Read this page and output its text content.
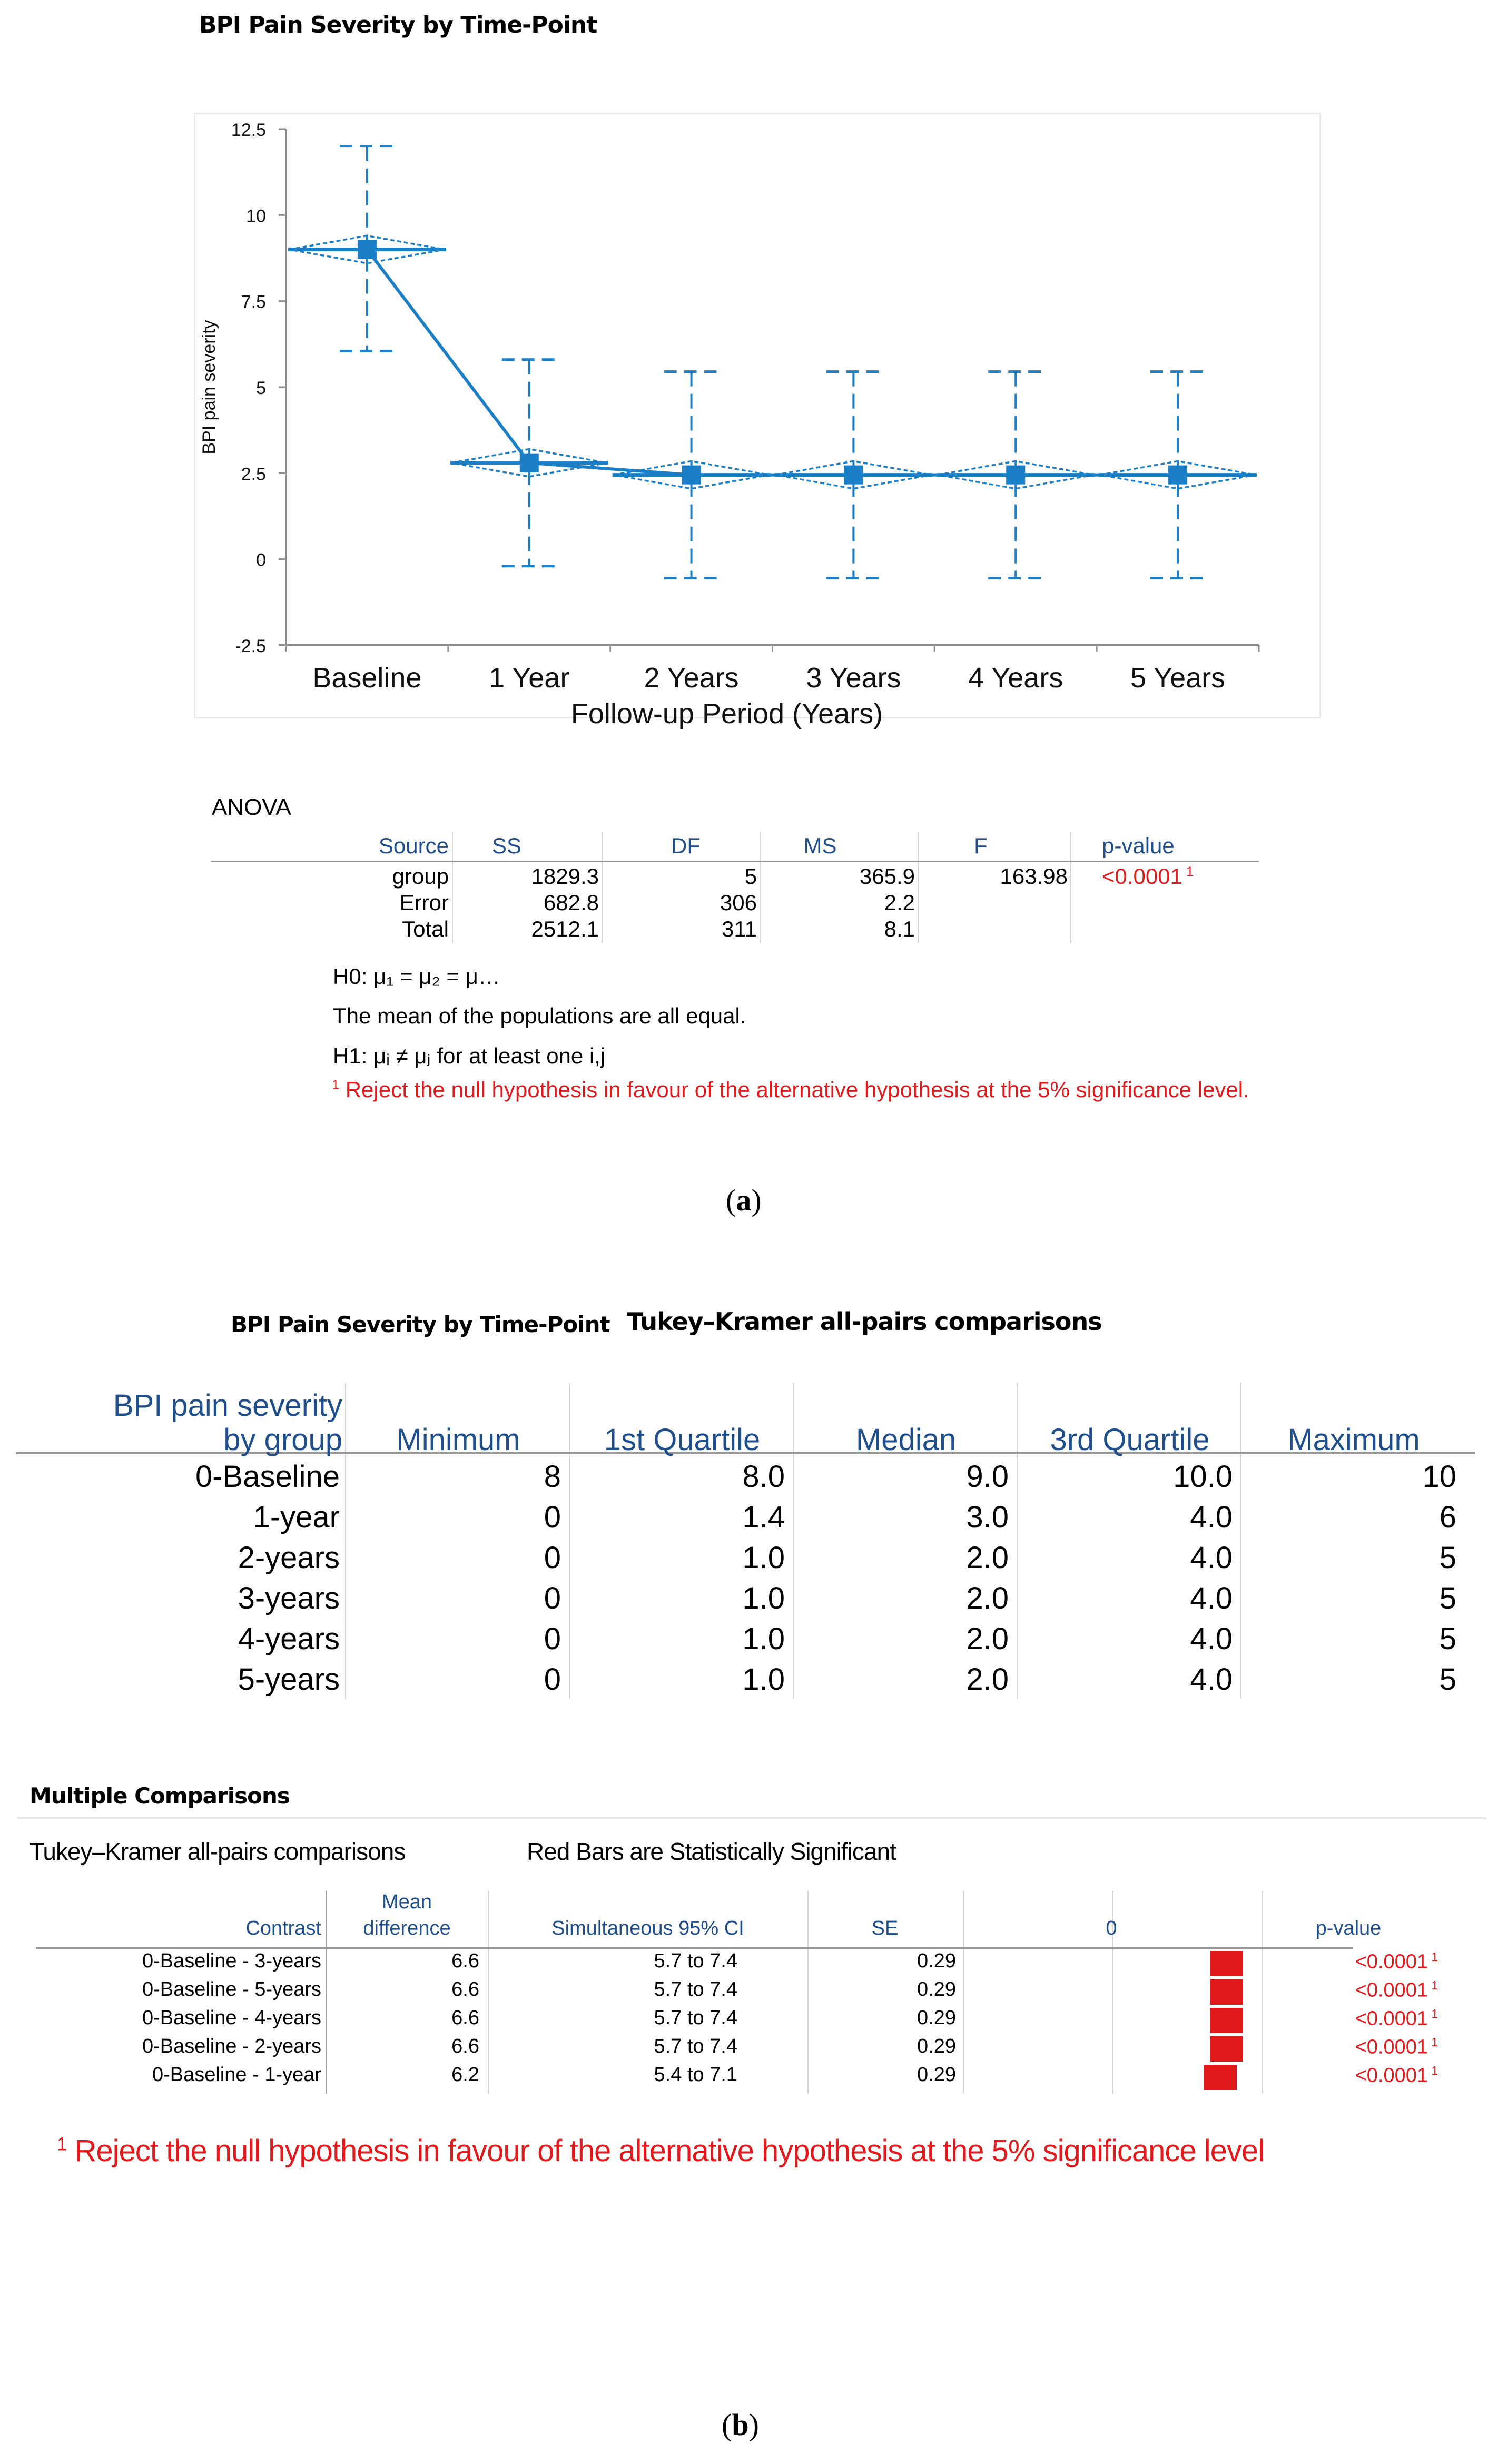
BPI Pain Severity by Time-Point
-2.5
0
2.5
5
7.5
10
12.5
Baseline 1 Year	2 Years 3 Years 4 Years 5 Years
Follow-up Period (Years)
BPI pain severity
ANOVA
Source	SS	DF	MS	F	p-value
group	1829.3	5	365.9	163.98 <0.0001 $^1$
Error	682.8	306	2.2
Total	2512.1	311	8.1
H0: μ₁ = μ₂ = μ…
The mean of the populations are all equal.
H1: μᵢ ≠ μⱼ for at least one i,j
$^1$ Reject the null hypothesis in favour of the alternative hypothesis at the 5% significance level.
(a)
BPI Pain Severity by Time-Point Tukey–Kramer all-pairs comparisons
BPI pain severity
by group	Minimum	1st Quartile	Median	3rd Quartile	Maximum
0-Baseline	8	8.0	9.0	10.0	10
1-year	0	1.4	3.0	4.0	6
2-years	0	1.0	2.0	4.0	5
3-years	0	1.0	2.0	4.0	5
4-years	0	1.0	2.0	4.0	5
5-years	0	1.0	2.0	4.0	5
Multiple Comparisons
Tukey–Kramer all-pairs comparisons	Red Bars are Statistically Significant
Contrast
Mean
difference	Simultaneous 95% CI	SE	0	p-value
0-Baseline - 3-years	6.6	5.7 to 7.4	0.29	<0.0001 $^1$
0-Baseline - 5-years	6.6	5.7 to 7.4	0.29	<0.0001 $^1$
0-Baseline - 4-years	6.6	5.7 to 7.4	0.29	<0.0001 $^1$
0-Baseline - 2-years	6.6	5.7 to 7.4	0.29	<0.0001 $^1$
0-Baseline - 1-year	6.2	5.4 to 7.1	0.29	<0.0001 $^1$
$^1$ Reject the null hypothesis in favour of the alternative hypothesis at the 5% significance level
(b)
